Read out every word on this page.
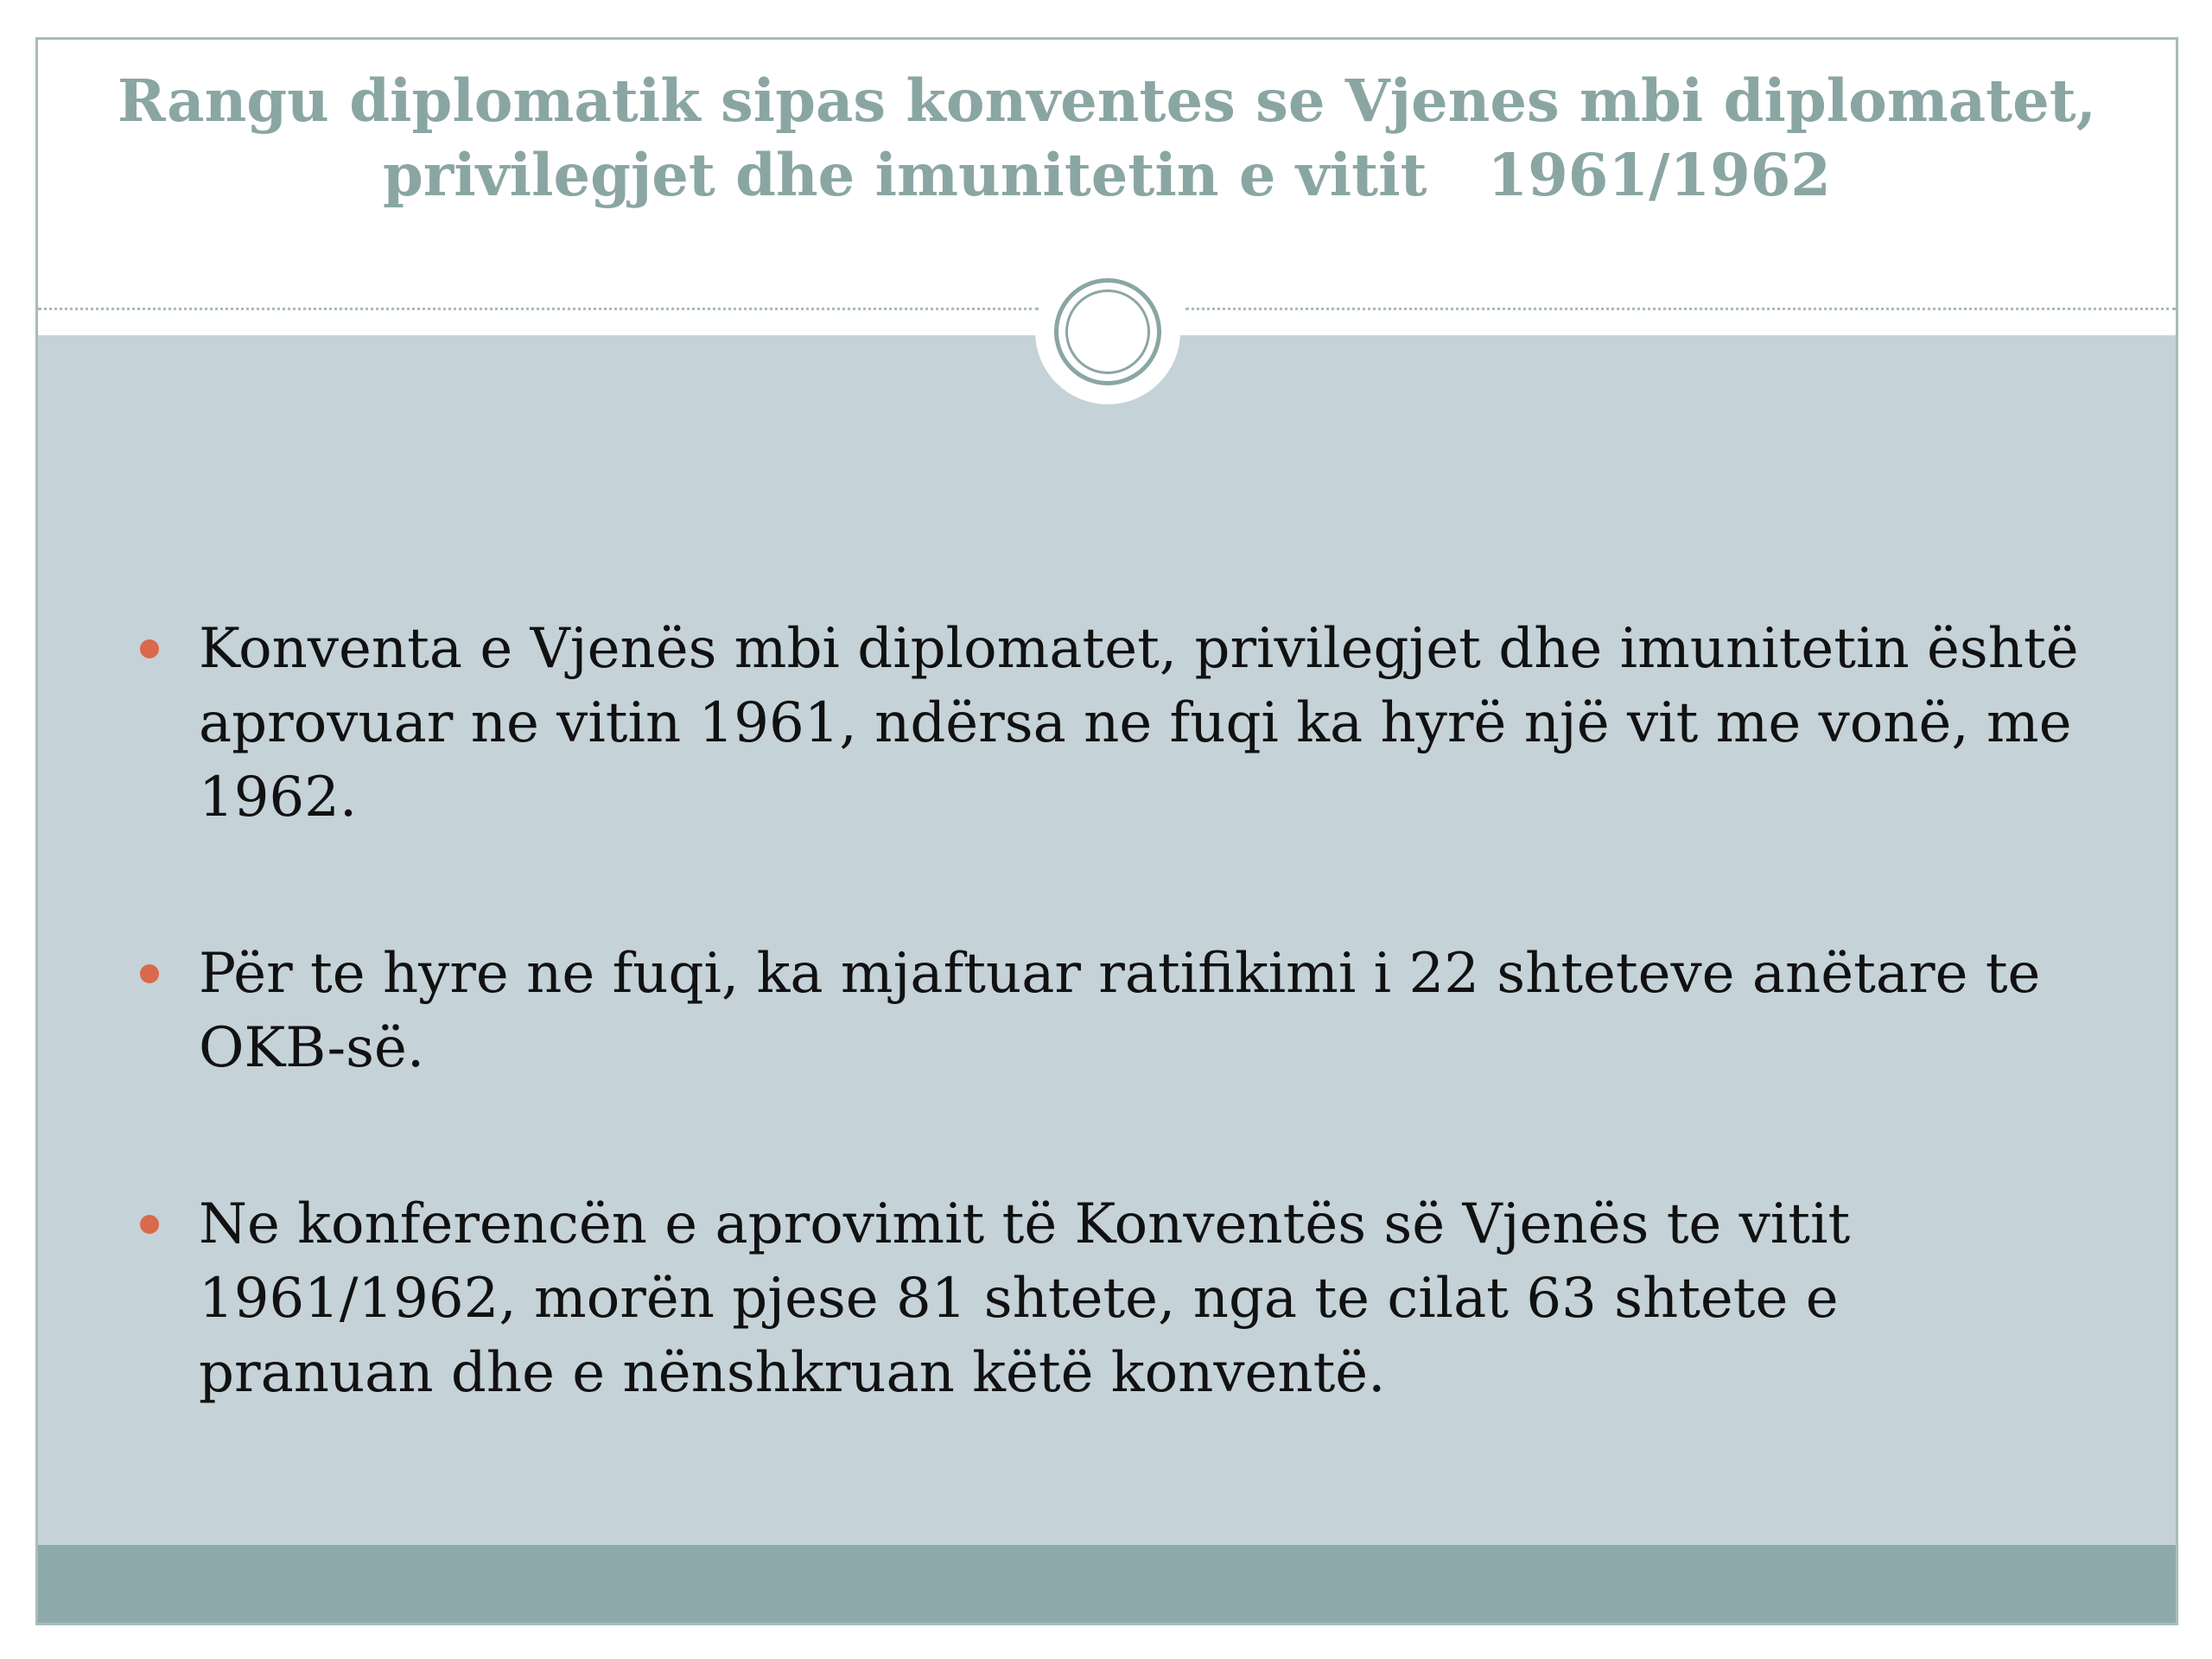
Rangu diplomatik sipas konventes se Vjenes mbi diplomatet, privilegjet dhe imunitetin e vitit   1961/1962
Konventa e Vjenës mbi diplomatet, privilegjet dhe imunitetin është aprovuar ne vitin 1961, ndërsa ne fuqi ka hyrë një vit me vonë, me 1962.
Për te hyre ne fuqi, ka mjaftuar ratifikimi i 22 shteteve anëtare te OKB-së.
Ne konferencën e aprovimit të Konventës së Vjenës te vitit 1961/1962, morën pjese 81 shtete, nga te cilat 63 shtete e pranuan dhe e nënshkruan këtë konventë.
